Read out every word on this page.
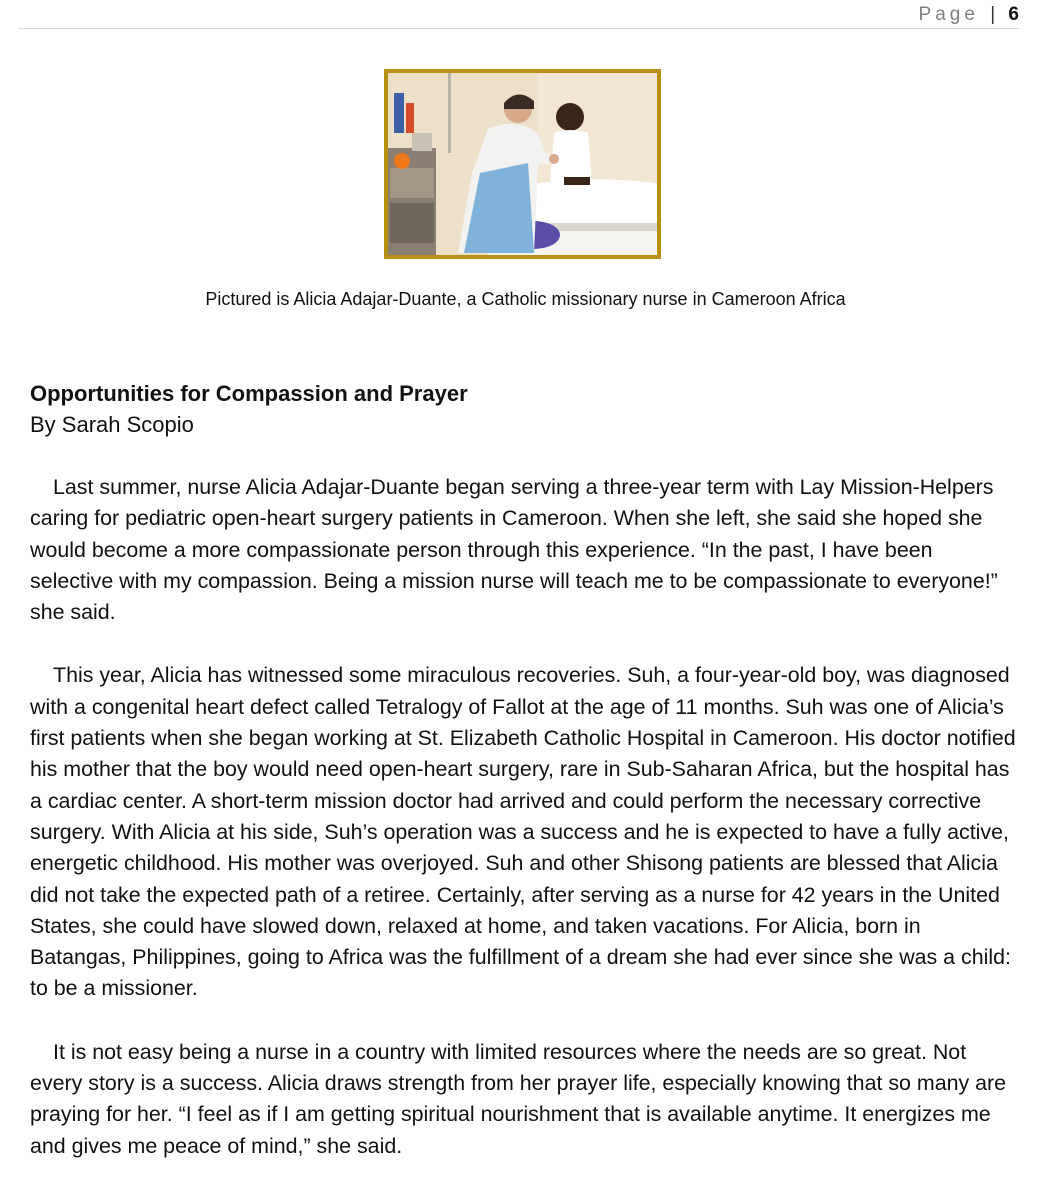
Page | 6
Pictured is Alicia Adajar-Duante, a Catholic missionary nurse in Cameroon Africa

Opportunities for Compassion and Prayer

By Sarah Scopio

Last summer, nurse Alicia Adajar-Duante began serving a three-year term with Lay Mission-Helpers caring for pediatric open-heart surgery patients in Cameroon. When she left, she said she hoped she would become a more compassionate person through this experience. “In the past, I have been selective with my compassion. Being a mission nurse will teach me to be compassionate to everyone!” she said.

This year, Alicia has witnessed some miraculous recoveries. Suh, a four-year-old boy, was diagnosed with a congenital heart defect called Tetralogy of Fallot at the age of 11 months. Suh was one of Alicia’s first patients when she began working at St. Elizabeth Catholic Hospital in Cameroon. His doctor notified his mother that the boy would need open-heart surgery, rare in Sub-Saharan Africa, but the hospital has a cardiac center. A short-term mission doctor had arrived and could perform the necessary corrective surgery. With Alicia at his side, Suh’s operation was a success and he is expected to have a fully active, energetic childhood. His mother was overjoyed. Suh and other Shisong patients are blessed that Alicia did not take the expected path of a retiree. Certainly, after serving as a nurse for 42 years in the United States, she could have slowed down, relaxed at home, and taken vacations. For Alicia, born in Batangas, Philippines, going to Africa was the fulfillment of a dream she had ever since she was a child: to be a missioner.

It is not easy being a nurse in a country with limited resources where the needs are so great. Not every story is a success. Alicia draws strength from her prayer life, especially knowing that so many are praying for her. “I feel as if I am getting spiritual nourishment that is available anytime. It energizes me and gives me peace of mind,” she said.
